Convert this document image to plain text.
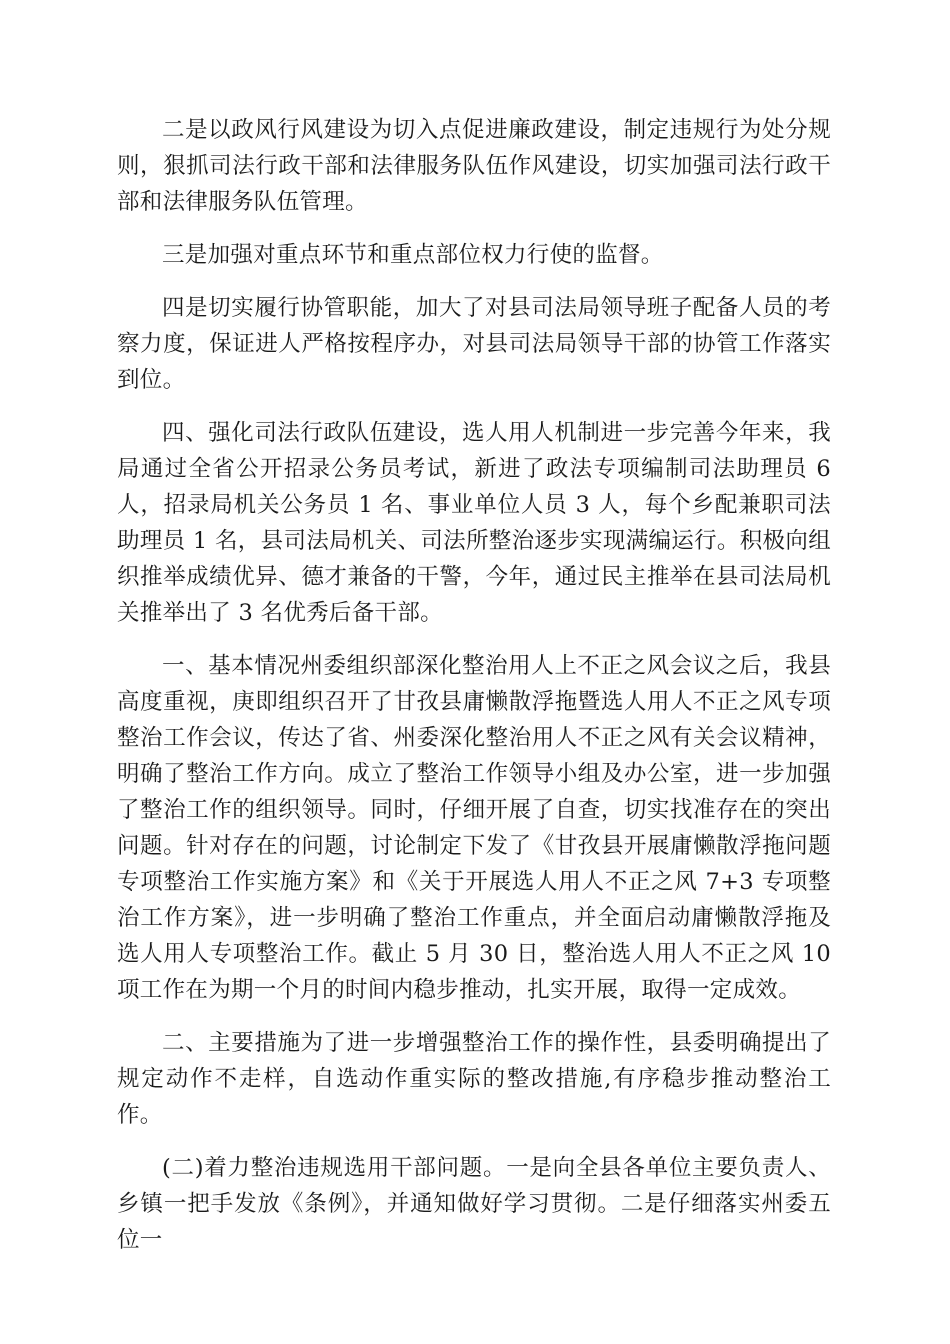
二是以政风行风建设为切入点促进廉政建设，制定违规行为处分规则，狠抓司法行政干部和法律服务队伍作风建设，切实加强司法行政干部和法律服务队伍管理。

三是加强对重点环节和重点部位权力行使的监督。

四是切实履行协管职能，加大了对县司法局领导班子配备人员的考察力度，保证进人严格按程序办，对县司法局领导干部的协管工作落实到位。

四、强化司法行政队伍建设，选人用人机制进一步完善今年来，我局通过全省公开招录公务员考试，新进了政法专项编制司法助理员 6 人，招录局机关公务员 1 名、事业单位人员 3 人，每个乡配兼职司法助理员 1 名，县司法局机关、司法所整治逐步实现满编运行。积极向组织推举成绩优异、德才兼备的干警，今年，通过民主推举在县司法局机关推举出了 3 名优秀后备干部。

一、基本情况州委组织部深化整治用人上不正之风会议之后，我县高度重视，庚即组织召开了甘孜县庸懒散浮拖暨选人用人不正之风专项整治工作会议，传达了省、州委深化整治用人不正之风有关会议精神，明确了整治工作方向。成立了整治工作领导小组及办公室，进一步加强了整治工作的组织领导。同时，仔细开展了自查，切实找准存在的突出问题。针对存在的问题，讨论制定下发了《甘孜县开展庸懒散浮拖问题专项整治工作实施方案》和《关于开展选人用人不正之风 7+3 专项整治工作方案》，进一步明确了整治工作重点，并全面启动庸懒散浮拖及选人用人专项整治工作。截止 5 月 30 日，整治选人用人不正之风 10 项工作在为期一个月的时间内稳步推动，扎实开展，取得一定成效。

二、主要措施为了进一步增强整治工作的操作性，县委明确提出了规定动作不走样，自选动作重实际的整改措施,有序稳步推动整治工作。

(二)着力整治违规选用干部问题。一是向全县各单位主要负责人、乡镇一把手发放《条例》，并通知做好学习贯彻。二是仔细落实州委五位一
